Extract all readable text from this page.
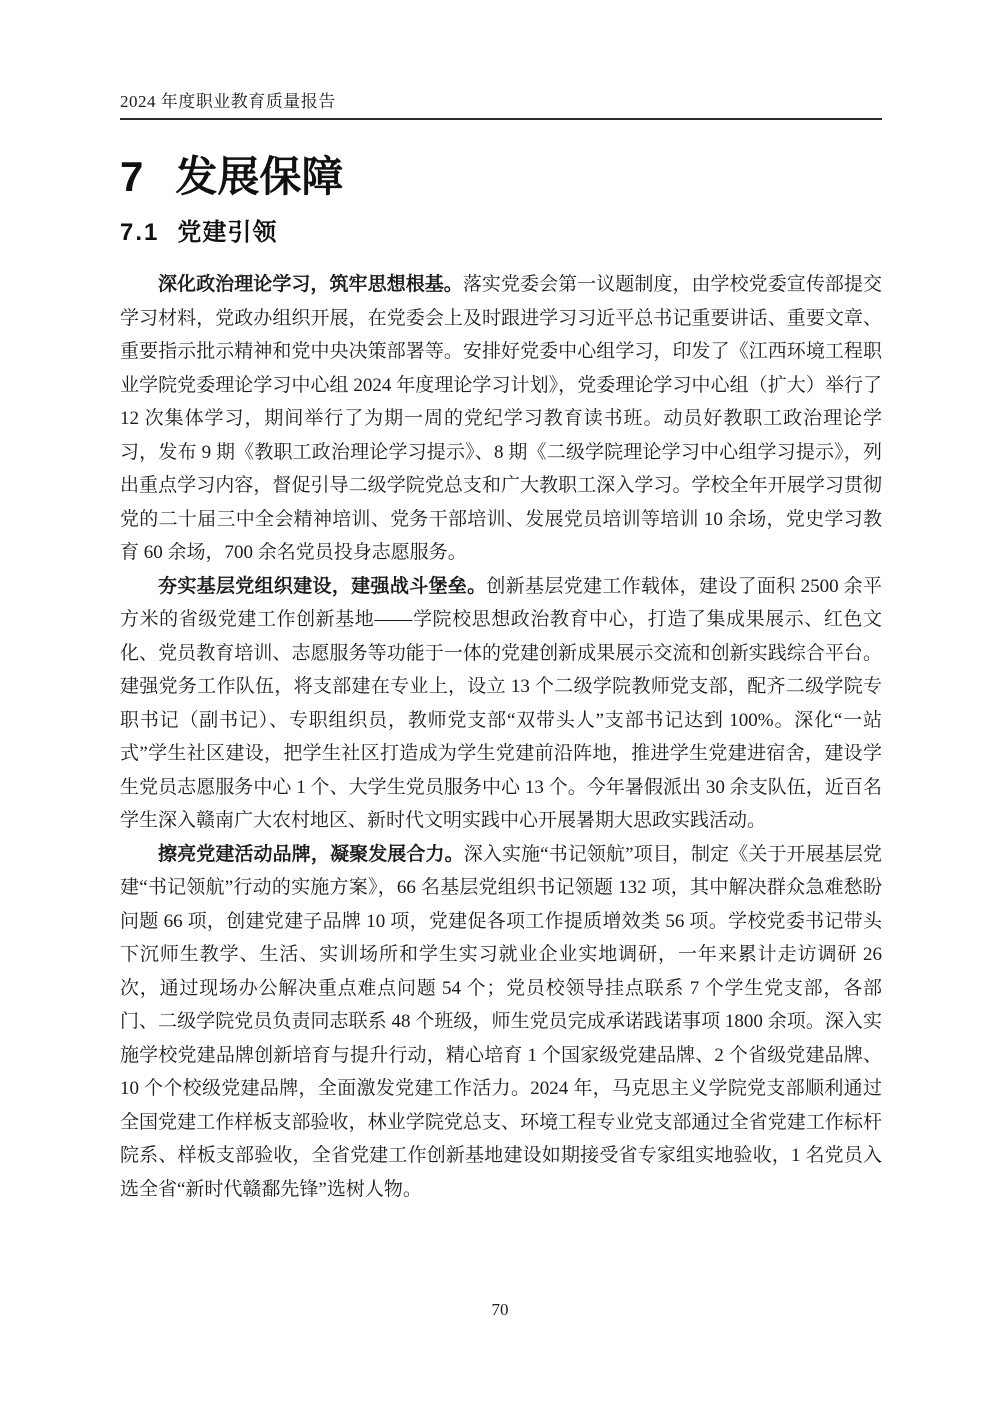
2024 年度职业教育质量报告
7 发展保障
7.1 党建引领

深化政治理论学习，筑牢思想根基。落实党委会第一议题制度，由学校党委宣传部提交学习材料，党政办组织开展，在党委会上及时跟进学习习近平总书记重要讲话、重要文章、重要指示批示精神和党中央决策部署等。安排好党委中心组学习，印发了《江西环境工程职业学院党委理论学习中心组 2024 年度理论学习计划》，党委理论学习中心组（扩大）举行了 12 次集体学习，期间举行了为期一周的党纪学习教育读书班。动员好教职工政治理论学习，发布 9 期《教职工政治理论学习提示》、8 期《二级学院理论学习中心组学习提示》，列出重点学习内容，督促引导二级学院党总支和广大教职工深入学习。学校全年开展学习贯彻党的二十届三中全会精神培训、党务干部培训、发展党员培训等培训 10 余场，党史学习教育 60 余场，700 余名党员投身志愿服务。

夯实基层党组织建设，建强战斗堡垒。创新基层党建工作载体，建设了面积 2500 余平方米的省级党建工作创新基地——学院校思想政治教育中心，打造了集成果展示、红色文化、党员教育培训、志愿服务等功能于一体的党建创新成果展示交流和创新实践综合平台。建强党务工作队伍，将支部建在专业上，设立 13 个二级学院教师党支部，配齐二级学院专职书记（副书记）、专职组织员，教师党支部“双带头人”支部书记达到 100%。深化“一站式”学生社区建设，把学生社区打造成为学生党建前沿阵地，推进学生党建进宿舍，建设学生党员志愿服务中心 1 个、大学生党员服务中心 13 个。今年暑假派出 30 余支队伍，近百名学生深入赣南广大农村地区、新时代文明实践中心开展暑期大思政实践活动。

擦亮党建活动品牌，凝聚发展合力。深入实施“书记领航”项目，制定《关于开展基层党建“书记领航”行动的实施方案》，66 名基层党组织书记领题 132 项，其中解决群众急难愁盼问题 66 项，创建党建子品牌 10 项，党建促各项工作提质增效类 56 项。学校党委书记带头下沉师生教学、生活、实训场所和学生实习就业企业实地调研，一年来累计走访调研 26 次，通过现场办公解决重点难点问题 54 个；党员校领导挂点联系 7 个学生党支部，各部门、二级学院党员负责同志联系 48 个班级，师生党员完成承诺践诺事项 1800 余项。深入实施学校党建品牌创新培育与提升行动，精心培育 1 个国家级党建品牌、2 个省级党建品牌、10 个个校级党建品牌，全面激发党建工作活力。2024 年，马克思主义学院党支部顺利通过全国党建工作样板支部验收，林业学院党总支、环境工程专业党支部通过全省党建工作标杆院系、样板支部验收，全省党建工作创新基地建设如期接受省专家组实地验收，1 名党员入选全省“新时代赣鄱先锋”选树人物。

70
